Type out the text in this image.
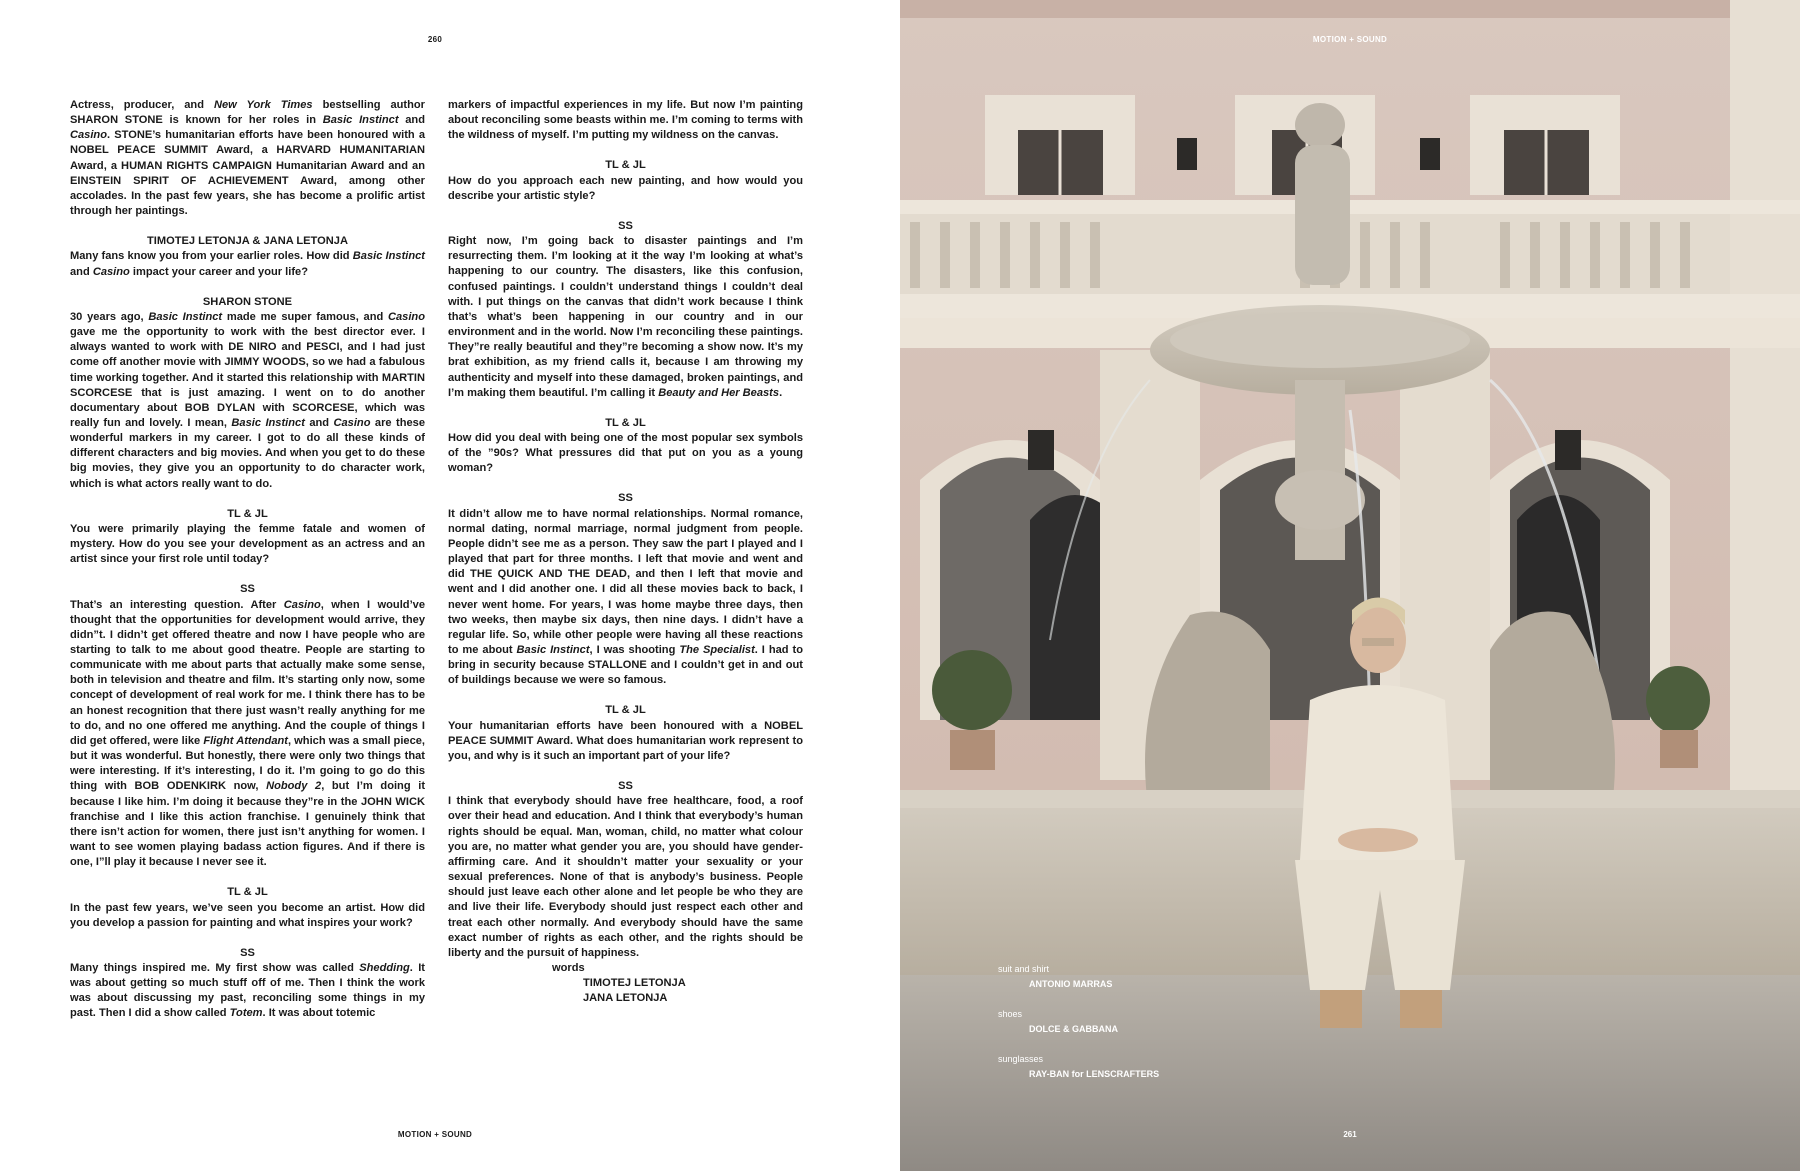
260

Actress, producer, and New York Times bestselling author SHARON STONE is known for her roles in Basic Instinct and Casino. STONE’s humanitarian efforts have been honoured with a NOBEL PEACE SUMMIT Award, a HARVARD HUMANITARIAN Award, a HUMAN RIGHTS CAMPAIGN Humanitarian Award and an EINSTEIN SPIRIT OF ACHIEVEMENT Award, among other accolades. In the past few years, she has become a prolific artist through her paintings.

TIMOTEJ LETONJA & JANA LETONJA

Many fans know you from your earlier roles. How did Basic Instinct and Casino impact your career and your life?

SHARON STONE

30 years ago, Basic Instinct made me super famous, and Casino gave me the opportunity to work with the best director ever. I always wanted to work with DE NIRO and PESCI, and I had just come off another movie with JIMMY WOODS, so we had a fabulous time working together. And it started this relationship with MARTIN SCORCESE that is just amazing. I went on to do another documentary about BOB DYLAN with SCORCESE, which was really fun and lovely. I mean, Basic Instinct and Casino are these wonderful markers in my career. I got to do all these kinds of different characters and big movies. And when you get to do these big movies, they give you an opportunity to do character work, which is what actors really want to do.

TL & JL

You were primarily playing the femme fatale and women of mystery. How do you see your development as an actress and an artist since your first role until today?

SS

That’s an interesting question. After Casino, when I would’ve thought that the opportunities for development would arrive, they didn”t. I didn’t get offered theatre and now I have people who are starting to talk to me about good theatre. People are starting to communicate with me about parts that actually make some sense, both in television and theatre and film. It’s starting only now, some concept of development of real work for me. I think there has to be an honest recognition that there just wasn’t really anything for me to do, and no one offered me anything. And the couple of things I did get offered, were like Flight Attendant, which was a small piece, but it was wonderful. But honestly, there were only two things that were interesting. If it’s interesting, I do it. I’m going to go do this thing with BOB ODENKIRK now, Nobody 2, but I’m doing it because I like him. I’m doing it because they”re in the JOHN WICK franchise and I like this action franchise. I genuinely think that there isn’t action for women, there just isn’t anything for women. I want to see women playing badass action figures. And if there is one, I”ll play it because I never see it.

TL & JL

In the past few years, we’ve seen you become an artist. How did you develop a passion for painting and what inspires your work?

SS

Many things inspired me. My first show was called Shedding. It was about getting so much stuff off of me. Then I think the work was about discussing my past, reconciling some things in my past. Then I did a show called Totem. It was about totemic

markers of impactful experiences in my life. But now I’m painting about reconciling some beasts within me. I’m coming to terms with the wildness of myself. I’m putting my wildness on the canvas.

TL & JL

How do you approach each new painting, and how would you describe your artistic style?

SS

Right now, I’m going back to disaster paintings and I’m resurrecting them. I’m looking at it the way I’m looking at what’s happening to our country. The disasters, like this confusion, confused paintings. I couldn’t understand things I couldn’t deal with. I put things on the canvas that didn’t work because I think that’s what’s been happening in our country and in our environment and in the world. Now I’m reconciling these paintings. They”re really beautiful and they”re becoming a show now. It’s my brat exhibition, as my friend calls it, because I am throwing my authenticity and myself into these damaged, broken paintings, and I’m making them beautiful. I’m calling it Beauty and Her Beasts.

TL & JL

How did you deal with being one of the most popular sex symbols of the ”90s? What pressures did that put on you as a young woman?

SS

It didn’t allow me to have normal relationships. Normal romance, normal dating, normal marriage, normal judgment from people. People didn’t see me as a person. They saw the part I played and I played that part for three months. I left that movie and went and did THE QUICK AND THE DEAD, and then I left that movie and went and I did another one. I did all these movies back to back, I never went home. For years, I was home maybe three days, then two weeks, then maybe six days, then nine days. I didn’t have a regular life. So, while other people were having all these reactions to me about Basic Instinct, I was shooting The Specialist. I had to bring in security because STALLONE and I couldn’t get in and out of buildings because we were so famous.

TL & JL

Your humanitarian efforts have been honoured with a NOBEL PEACE SUMMIT Award. What does humanitarian work represent to you, and why is it such an important part of your life?

SS

I think that everybody should have free healthcare, food, a roof over their head and education. And I think that everybody’s human rights should be equal. Man, woman, child, no matter what colour you are, no matter what gender you are, you should have gender-affirming care. And it shouldn’t matter your sexuality or your sexual preferences. None of that is anybody’s business. People should just leave each other alone and let people be who they are and live their life. Everybody should just respect each other and treat each other normally. And everybody should have the same exact number of rights as each other, and the rights should be liberty and the pursuit of happiness.

words

TIMOTEJ LETONJA

JANA LETONJA

MOTION + SOUND
MOTION + SOUND
suit and shirt
ANTONIO MARRAS
shoes
DOLCE & GABBANA
sunglasses
RAY-BAN for LENSCRAFTERS
261
